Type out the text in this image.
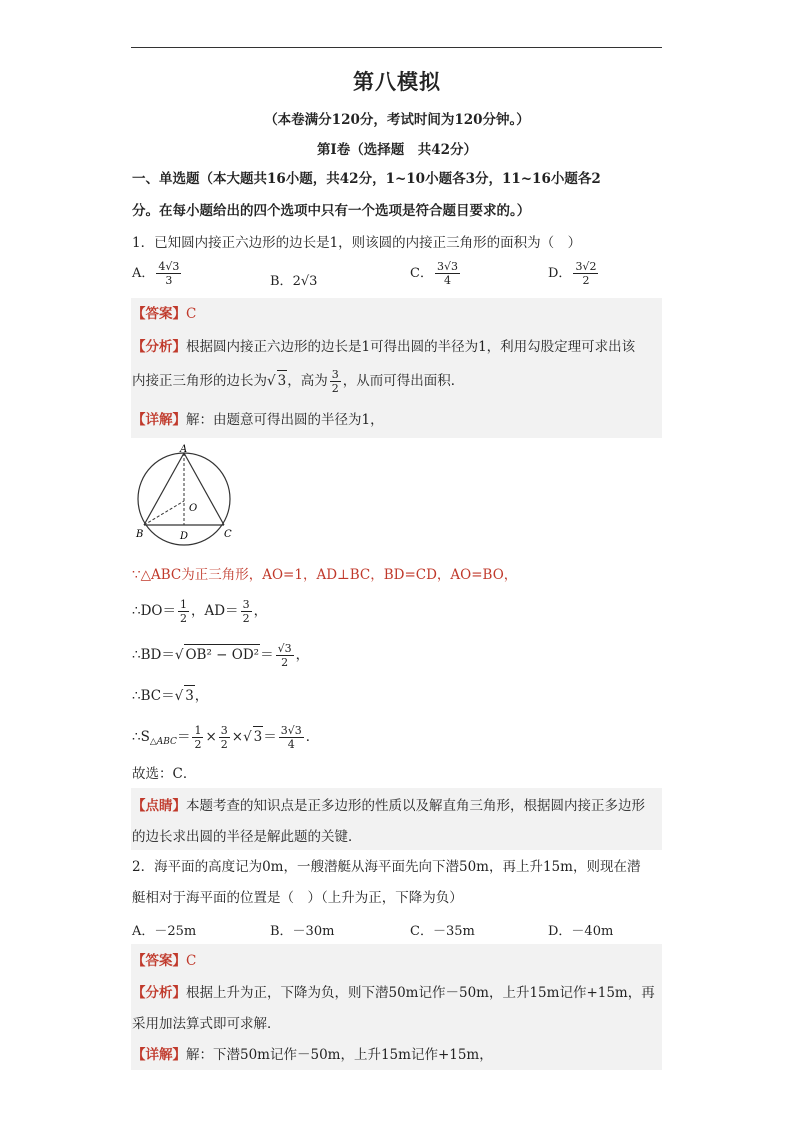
第八模拟
（本卷满分120分，考试时间为120分钟。）
第Ⅰ卷（选择题　共42分）
一、单选题（本大题共16小题，共42分，1~10小题各3分，11~16小题各2
分。在每小题给出的四个选项中只有一个选项是符合题目要求的。）
1．已知圆内接正六边形的边长是1，则该圆的内接正三角形的面积为（　）
A． $\frac{4√3}{3}$	B．2√3
C． $\frac{3√3}{4}$	D． $\frac{3√2}{2}$
【答案】C
【分析】根据圆内接正六边形的边长是1可得出圆的半径为1，利用勾股定理可求出该
内接正三角形的边长为√ 3，高为 $\frac{3}{2}$ ，从而可得出面积．
【详解】解：由题意可得出圆的半径为1，
A
B	C
D
O
∵△ABC为正三角形，AO=1，AD⊥BC，BD=CD，AO=BO，
∴DO＝ $\frac{1}{2}$ ，$AD= \frac{3}{2}$ ，
∴BD＝√ $OB^2 - OD^2= \frac{√3}{2}$ ，
∴BC＝√ 3，
$\therefore S_{\triangle ABC}= \frac{1}{2} \times \frac{3}{2}$ ×√ $3= \frac{3√3}{4}$ ．
故选：C．
【点睛】本题考查的知识点是正多边形的性质以及解直角三角形，根据圆内接正多边形
的边长求出圆的半径是解此题的关键．
2．海平面的高度记为0m，一艘潜艇从海平面先向下潜50m，再上升15m，则现在潜
艇相对于海平面的位置是（　）（上升为正，下降为负）
A．－25m	B．－30m	C．－35m	D．－40m
【答案】C
【分析】根据上升为正，下降为负，则下潜50m记作－50m，上升15m记作+15m，再
采用加法算式即可求解．
【详解】解：下潜50m记作－50m，上升15m记作+15m，
